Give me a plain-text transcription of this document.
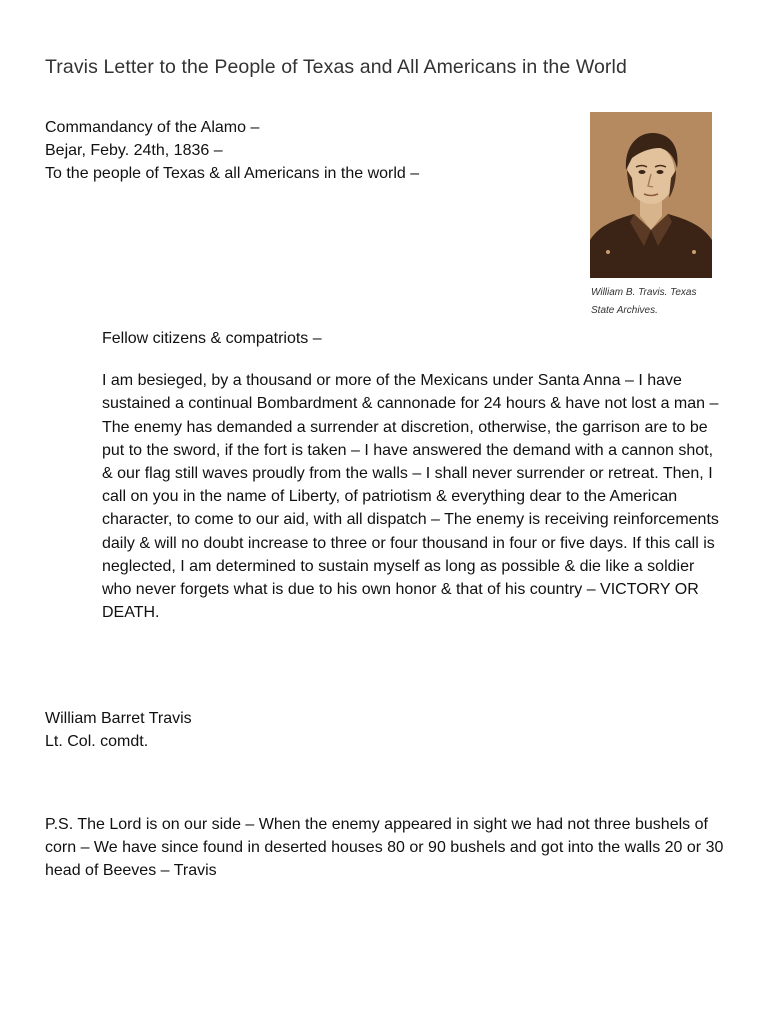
Travis Letter to the People of Texas and All Americans in the World
Commandancy of the Alamo –
Bejar, Feby. 24th, 1836 –
To the people of Texas & all Americans in the world –
William B. Travis. Texas State Archives.

Fellow citizens & compatriots –

I am besieged, by a thousand or more of the Mexicans under Santa Anna – I have sustained a continual Bombardment & cannonade for 24 hours & have not lost a man – The enemy has demanded a surrender at discretion, otherwise, the garrison are to be put to the sword, if the fort is taken – I have answered the demand with a cannon shot, & our flag still waves proudly from the walls – I shall never surrender or retreat. Then, I call on you in the name of Liberty, of patriotism & everything dear to the American character, to come to our aid, with all dispatch – The enemy is receiving reinforcements daily & will no doubt increase to three or four thousand in four or five days. If this call is neglected, I am determined to sustain myself as long as possible & die like a soldier who never forgets what is due to his own honor & that of his country – VICTORY OR DEATH.

William Barret Travis
Lt. Col. comdt.
P.S. The Lord is on our side – When the enemy appeared in sight we had not three bushels of corn – We have since found in deserted houses 80 or 90 bushels and got into the walls 20 or 30 head of Beeves – Travis
